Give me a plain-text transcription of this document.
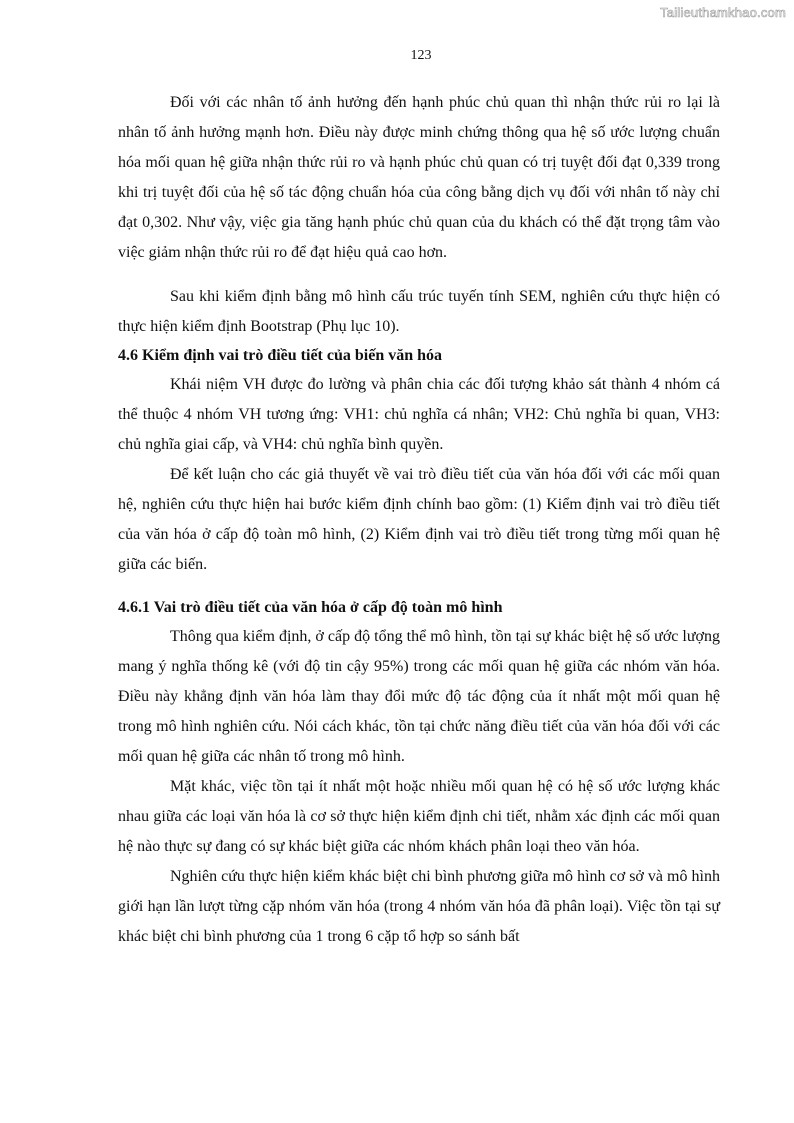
Tailieuthamkhao.com
123

Đối với các nhân tố ảnh hưởng đến hạnh phúc chủ quan thì nhận thức rủi ro lại là nhân tố ảnh hưởng mạnh hơn. Điều này được minh chứng thông qua hệ số ước lượng chuẩn hóa mối quan hệ giữa nhận thức rủi ro và hạnh phúc chủ quan có trị tuyệt đối đạt 0,339 trong khi trị tuyệt đối của hệ số tác động chuẩn hóa của công bằng dịch vụ đối với nhân tố này chỉ đạt 0,302. Như vậy, việc gia tăng hạnh phúc chủ quan của du khách có thể đặt trọng tâm vào việc giảm nhận thức rủi ro để đạt hiệu quả cao hơn.

Sau khi kiểm định bằng mô hình cấu trúc tuyến tính SEM, nghiên cứu thực hiện có thực hiện kiểm định Bootstrap (Phụ lục 10).

4.6 Kiểm định vai trò điều tiết của biến văn hóa

Khái niệm VH được đo lường và phân chia các đối tượng khảo sát thành 4 nhóm cá thể thuộc 4 nhóm VH tương ứng: VH1: chủ nghĩa cá nhân; VH2: Chủ nghĩa bi quan, VH3: chủ nghĩa giai cấp, và VH4: chủ nghĩa bình quyền.

Để kết luận cho các giả thuyết về vai trò điều tiết của văn hóa đối với các mối quan hệ, nghiên cứu thực hiện hai bước kiểm định chính bao gồm: (1) Kiểm định vai trò điều tiết của văn hóa ở cấp độ toàn mô hình, (2) Kiểm định vai trò điều tiết trong từng mối quan hệ giữa các biến.

4.6.1 Vai trò điều tiết của văn hóa ở cấp độ toàn mô hình

Thông qua kiểm định, ở cấp độ tổng thể mô hình, tồn tại sự khác biệt hệ số ước lượng mang ý nghĩa thống kê (với độ tin cậy 95%) trong các mối quan hệ giữa các nhóm văn hóa. Điều này khẳng định văn hóa làm thay đổi mức độ tác động của ít nhất một mối quan hệ trong mô hình nghiên cứu. Nói cách khác, tồn tại chức năng điều tiết của văn hóa đối với các mối quan hệ giữa các nhân tố trong mô hình.

Mặt khác, việc tồn tại ít nhất một hoặc nhiều mối quan hệ có hệ số ước lượng khác nhau giữa các loại văn hóa là cơ sở thực hiện kiểm định chi tiết, nhằm xác định các mối quan hệ nào thực sự đang có sự khác biệt giữa các nhóm khách phân loại theo văn hóa.

Nghiên cứu thực hiện kiểm khác biệt chi bình phương giữa mô hình cơ sở và mô hình giới hạn lần lượt từng cặp nhóm văn hóa (trong 4 nhóm văn hóa đã phân loại). Việc tồn tại sự khác biệt chi bình phương của 1 trong 6 cặp tổ hợp so sánh bất
